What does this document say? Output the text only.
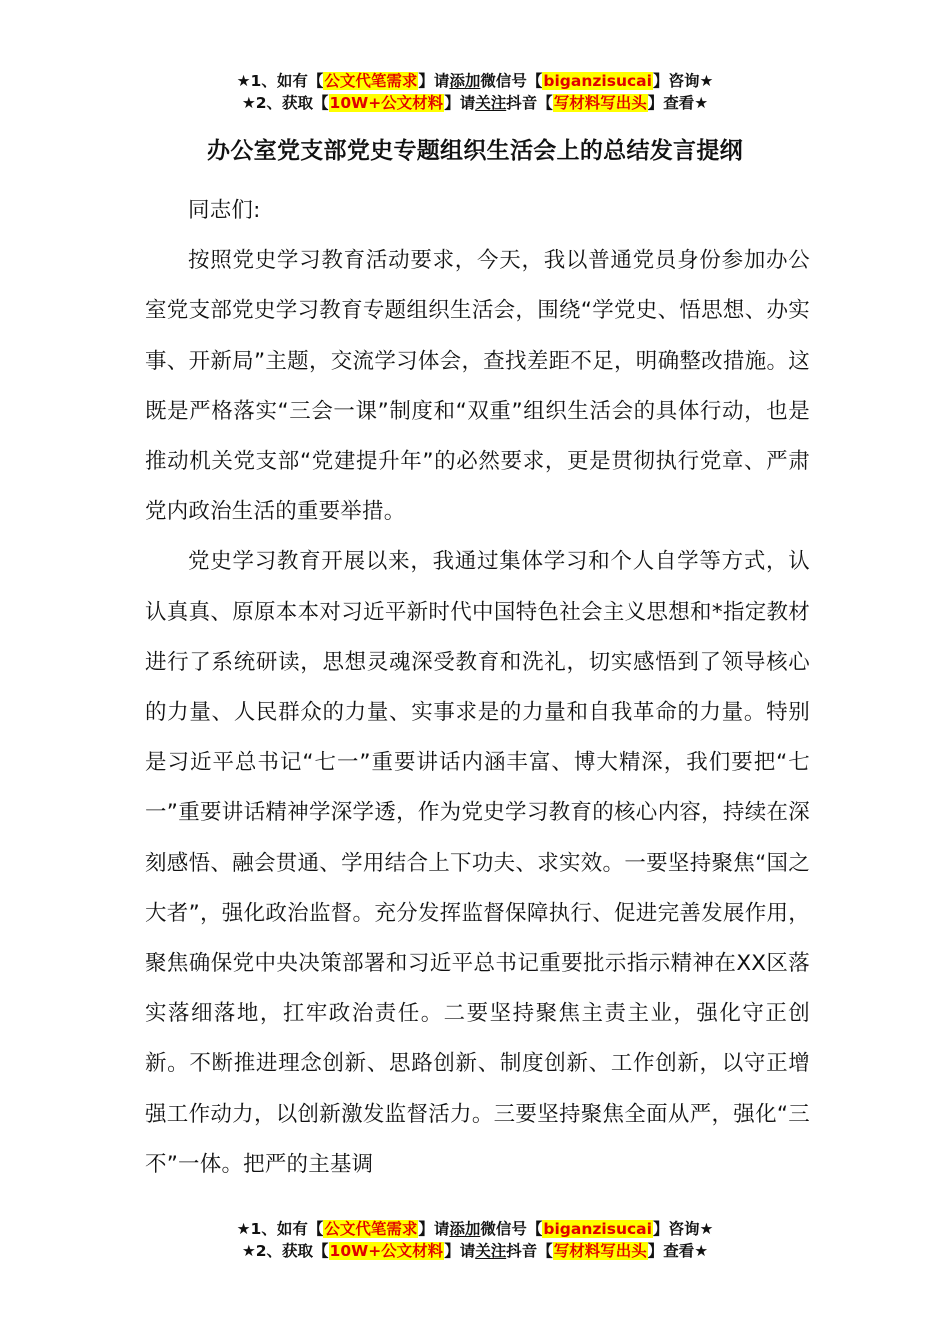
★1、如有【公文代笔需求】请添加微信号【biganzisucai】咨询★
★2、获取【10W+公文材料】请关注抖音【写材料写出头】查看★
办公室党支部党史专题组织生活会上的总结发言提纲

同志们:

按照党史学习教育活动要求，今天，我以普通党员身份参加办公室党支部党史学习教育专题组织生活会，围绕“学党史、悟思想、办实事、开新局”主题，交流学习体会，查找差距不足，明确整改措施。这既是严格落实“三会一课”制度和“双重”组织生活会的具体行动，也是推动机关党支部“党建提升年”的必然要求，更是贯彻执行党章、严肃党内政治生活的重要举措。

党史学习教育开展以来，我通过集体学习和个人自学等方式，认认真真、原原本本对习近平新时代中国特色社会主义思想和*指定教材进行了系统研读，思想灵魂深受教育和洗礼，切实感悟到了领导核心的力量、人民群众的力量、实事求是的力量和自我革命的力量。特别是习近平总书记“七一”重要讲话内涵丰富、博大精深，我们要把“七一”重要讲话精神学深学透，作为党史学习教育的核心内容，持续在深刻感悟、融会贯通、学用结合上下功夫、求实效。一要坚持聚焦“国之大者”，强化政治监督。充分发挥监督保障执行、促进完善发展作用，聚焦确保党中央决策部署和习近平总书记重要批示指示精神在XX区落实落细落地，扛牢政治责任。二要坚持聚焦主责主业，强化守正创新。不断推进理念创新、思路创新、制度创新、工作创新，以守正增强工作动力，以创新激发监督活力。三要坚持聚焦全面从严，强化“三不”一体。把严的主基调

★1、如有【公文代笔需求】请添加微信号【biganzisucai】咨询★
★2、获取【10W+公文材料】请关注抖音【写材料写出头】查看★
